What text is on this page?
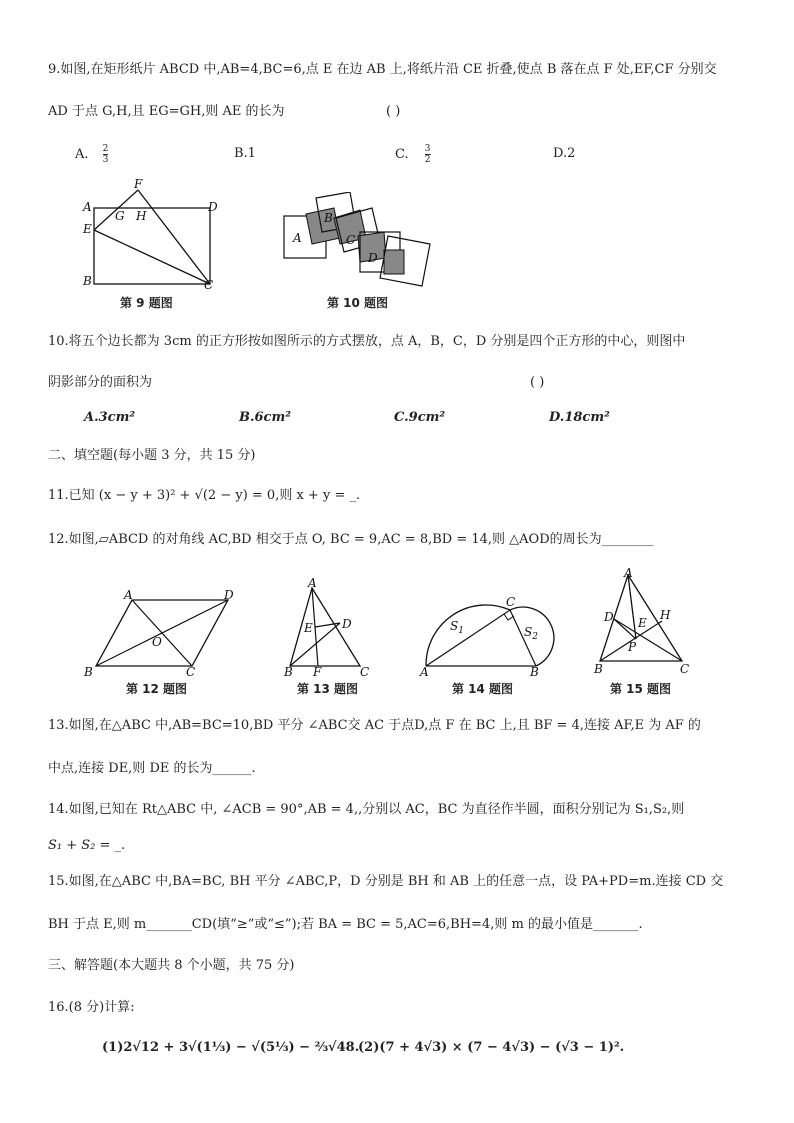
9.如图,在矩形纸片 ABCD 中,AB=4,BC=6,点 E 在边 AB 上,将纸片沿 CE 折叠,使点 B 落在点 F 处,EF,CF 分别交
AD 于点 G,H,且 EG=GH,则 AE 的长为	( )
A. $\frac{2}{3}$	B.1	C. $\frac{3}{2}$	D.2
A
B	C
D
E
F
G H
第 9 题图
A
B
C
D
第 10 题图
10.将五个边长都为 3cm 的正方形按如图所示的方式摆放，点 A，B，C，D 分别是四个正方形的中心，则图中
阴影部分的面积为	( )
A.3cm²	B.6cm²	C.9cm²	D.18cm²
二、填空题(每小题 3 分，共 15 分)
11.已知 (x − y + 3)² + √(2 − y) = 0,则 x + y = _.
12.如图,▱ABCD 的对角线 AC,BD 相交于点 O, BC = 9,AC = 8,BD = 14,则 △AOD的周长为________
A
B	C
D
O
第 12 题图
A
B	C
D
E
F
第 13 题图
A	B
C
$S_1$	$S_2$
第 14 题图
A
B	C
D E
H
P
第 15 题图
13.如图,在△ABC 中,AB=BC=10,BD 平分 ∠ABC交 AC 于点D,点 F 在 BC 上,且 BF = 4,连接 AF,E 为 AF 的
中点,连接 DE,则 DE 的长为______.
14.如图,已知在 Rt△ABC 中, ∠ACB = 90°,AB = 4,,分别以 AC，BC 为直径作半圆，面积分别记为 S₁,S₂,则
S₁ + S₂ = _.
15.如图,在△ABC 中,BA=BC, BH 平分 ∠ABC,P，D 分别是 BH 和 AB 上的任意一点，设 PA+PD=m.连接 CD 交
BH 于点 E,则 m_______CD(填“≥”或“≤”);若 BA = BC = 5,AC=6,BH=4,则 m 的最小值是_______.
三、解答题(本大题共 8 个小题，共 75 分)
16.(8 分)计算:
(1)2√12 + 3√(1⅓) − √(5⅓) − ⅔√48.
(2)(7 + 4√3) × (7 − 4√3) − (√3 − 1)².
